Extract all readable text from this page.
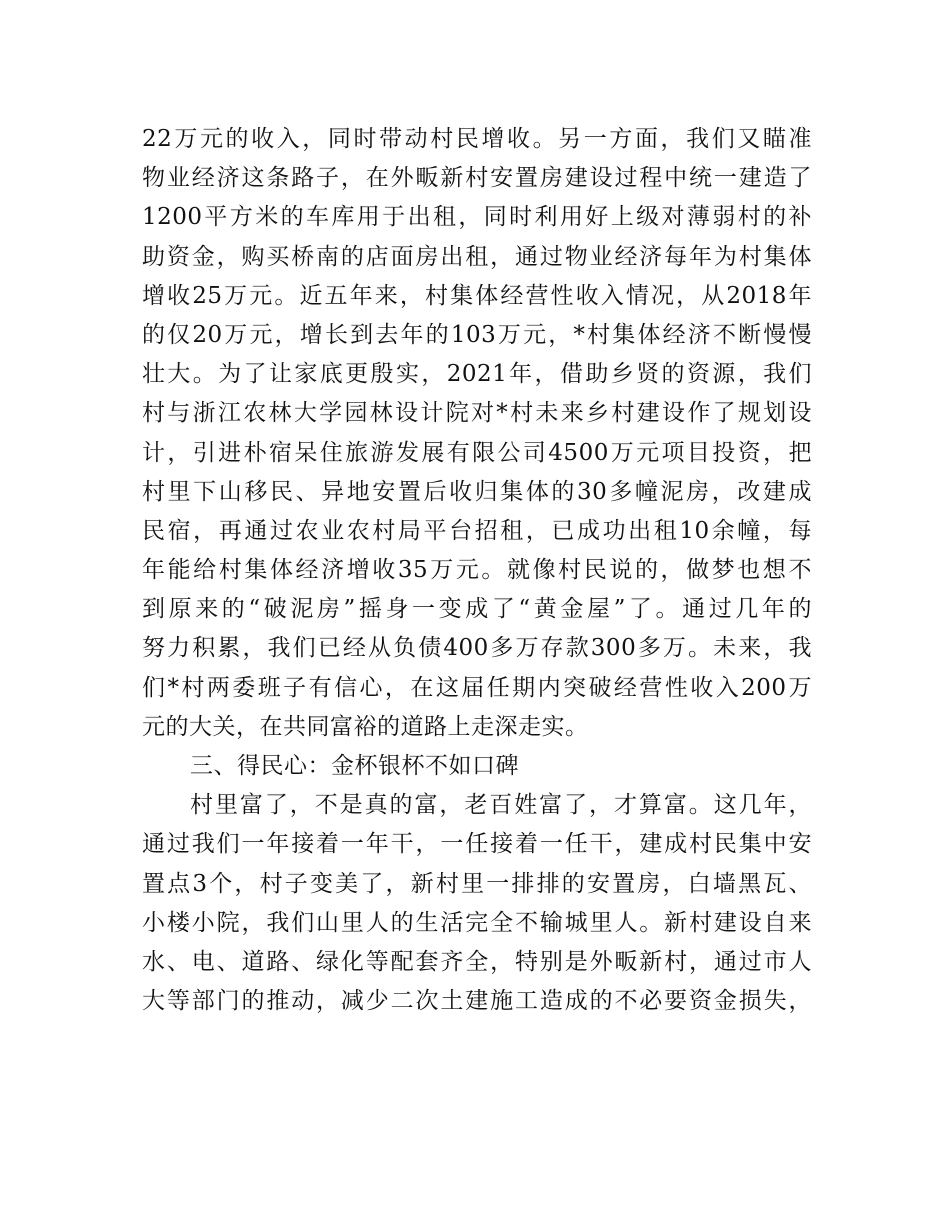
22万元的收入，同时带动村民增收。另一方面，我们又瞄准
物业经济这条路子，在外畈新村安置房建设过程中统一建造了
1200平方米的车库用于出租，同时利用好上级对薄弱村的补
助资金，购买桥南的店面房出租，通过物业经济每年为村集体
增收25万元。近五年来，村集体经营性收入情况，从2018年
的仅20万元，增长到去年的103万元，*村集体经济不断慢慢
壮大。为了让家底更殷实，2021年，借助乡贤的资源，我们
村与浙江农林大学园林设计院对*村未来乡村建设作了规划设
计，引进朴宿呆住旅游发展有限公司4500万元项目投资，把
村里下山移民、异地安置后收归集体的30多幢泥房，改建成
民宿，再通过农业农村局平台招租，已成功出租10余幢，每
年能给村集体经济增收35万元。就像村民说的，做梦也想不
到原来的“破泥房”摇身一变成了“黄金屋”了。通过几年的
努力积累，我们已经从负债400多万存款300多万。未来，我
们*村两委班子有信心，在这届任期内突破经营性收入200万
元的大关，在共同富裕的道路上走深走实。
三、得民心：金杯银杯不如口碑
村里富了，不是真的富，老百姓富了，才算富。这几年，
通过我们一年接着一年干，一任接着一任干，建成村民集中安
置点3个，村子变美了，新村里一排排的安置房，白墙黑瓦、
小楼小院，我们山里人的生活完全不输城里人。新村建设自来
水、电、道路、绿化等配套齐全，特别是外畈新村，通过市人
大等部门的推动，减少二次土建施工造成的不必要资金损失，
